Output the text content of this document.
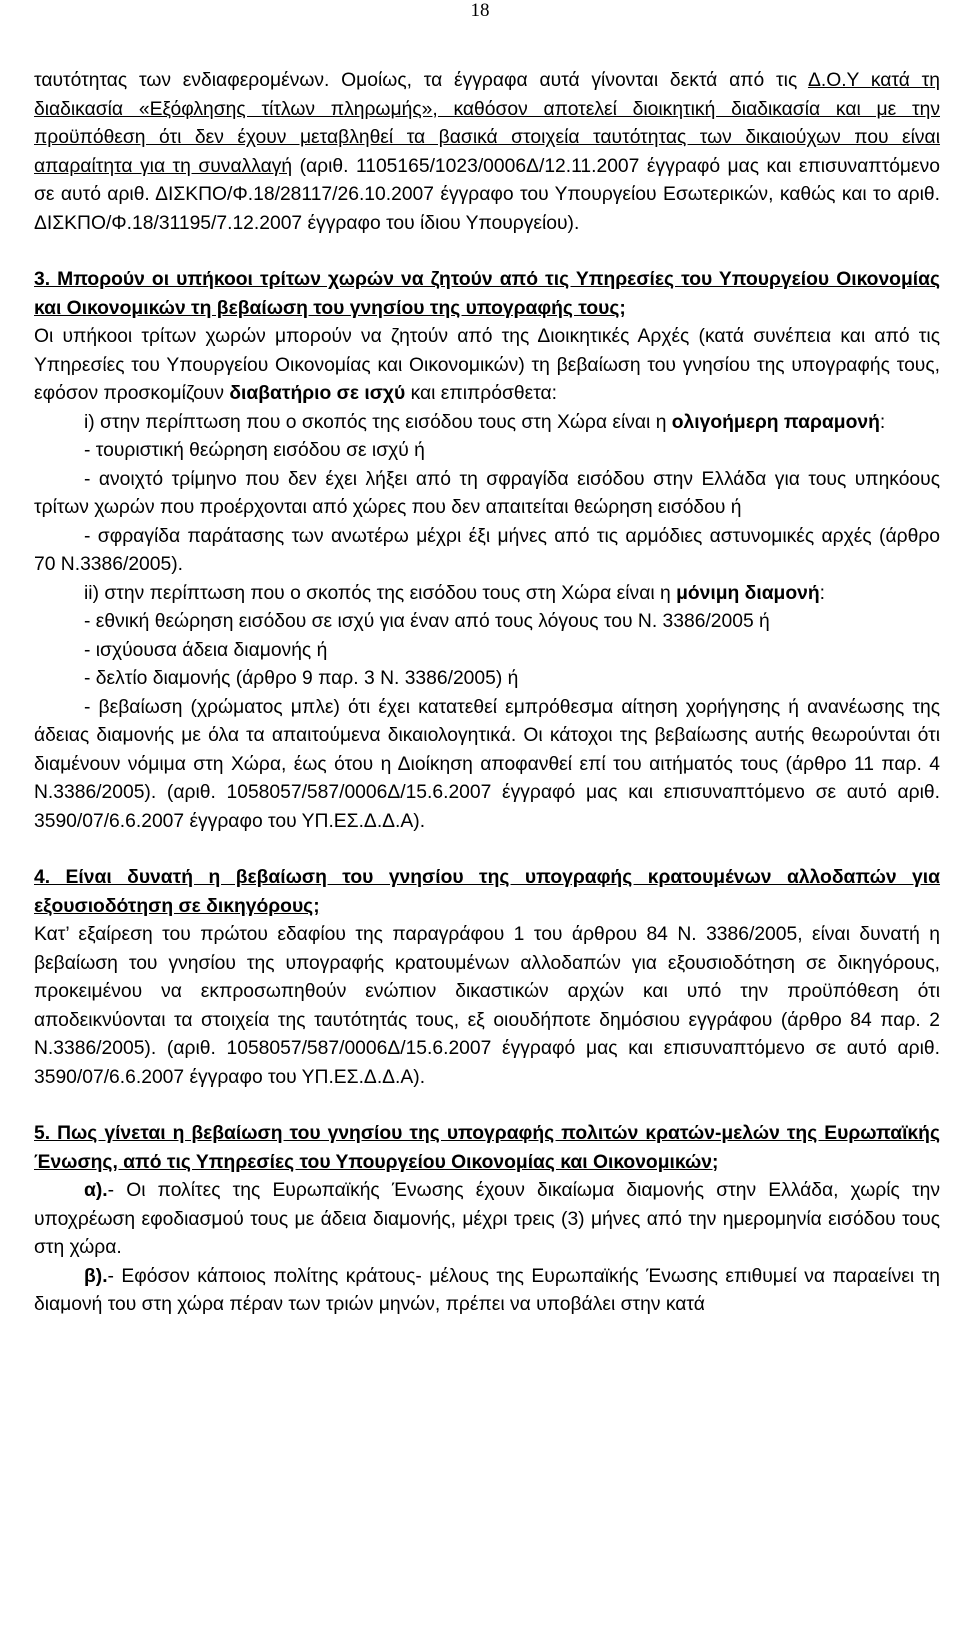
18

ταυτότητας των ενδιαφερομένων. Ομοίως, τα έγγραφα αυτά γίνονται δεκτά από τις Δ.Ο.Υ κατά τη διαδικασία «Εξόφλησης τίτλων πληρωμής», καθόσον αποτελεί διοικητική διαδικασία και με την προϋπόθεση ότι δεν έχουν μεταβληθεί τα βασικά στοιχεία ταυτότητας των δικαιούχων που είναι απαραίτητα για τη συναλλαγή (αριθ. 1105165/1023/0006Δ/12.11.2007 έγγραφό μας και επισυναπτόμενο σε αυτό αριθ. ΔΙΣΚΠΟ/Φ.18/28117/26.10.2007 έγγραφο του Υπουργείου Εσωτερικών, καθώς και το αριθ. ΔΙΣΚΠΟ/Φ.18/31195/7.12.2007 έγγραφο του ίδιου Υπουργείου).

3. Μπορούν οι υπήκοοι τρίτων χωρών να ζητούν από τις Υπηρεσίες του Υπουργείου Οικονομίας και Οικονομικών τη βεβαίωση του γνησίου της υπογραφής τους;

Οι υπήκοοι τρίτων χωρών μπορούν να ζητούν από της Διοικητικές Αρχές (κατά συνέπεια και από τις Υπηρεσίες του Υπουργείου Οικονομίας και Οικονομικών) τη βεβαίωση του γνησίου της υπογραφής τους, εφόσον προσκομίζουν διαβατήριο σε ισχύ και επιπρόσθετα:

i) στην περίπτωση που ο σκοπός της εισόδου τους στη Χώρα είναι η ολιγοήμερη παραμονή:

- τουριστική θεώρηση εισόδου σε ισχύ ή

- ανοιχτό τρίμηνο που δεν έχει λήξει από τη σφραγίδα εισόδου στην Ελλάδα για τους υπηκόους τρίτων χωρών που προέρχονται από χώρες που δεν απαιτείται θεώρηση εισόδου ή

- σφραγίδα παράτασης των ανωτέρω μέχρι έξι μήνες από τις αρμόδιες αστυνομικές αρχές (άρθρο 70 Ν.3386/2005).

ii) στην περίπτωση που ο σκοπός της εισόδου τους στη Χώρα είναι η μόνιμη διαμονή:

- εθνική θεώρηση εισόδου σε ισχύ για έναν από τους λόγους του Ν. 3386/2005 ή

- ισχύουσα άδεια διαμονής ή

- δελτίο διαμονής (άρθρο 9 παρ. 3 Ν. 3386/2005) ή

- βεβαίωση (χρώματος μπλε) ότι έχει κατατεθεί εμπρόθεσμα αίτηση χορήγησης ή ανανέωσης της άδειας διαμονής με όλα τα απαιτούμενα δικαιολογητικά. Οι κάτοχοι της βεβαίωσης αυτής θεωρούνται ότι διαμένουν νόμιμα στη Χώρα, έως ότου η Διοίκηση αποφανθεί επί του αιτήματός τους (άρθρο 11 παρ. 4 Ν.3386/2005). (αριθ. 1058057/587/0006Δ/15.6.2007 έγγραφό μας και επισυναπτόμενο σε αυτό αριθ. 3590/07/6.6.2007 έγγραφο του ΥΠ.ΕΣ.Δ.Δ.Α).

4. Είναι δυνατή η βεβαίωση του γνησίου της υπογραφής κρατουμένων αλλοδαπών για εξουσιοδότηση σε δικηγόρους;

Κατ’ εξαίρεση του πρώτου εδαφίου της παραγράφου 1 του άρθρου 84 Ν. 3386/2005, είναι δυνατή η βεβαίωση του γνησίου της υπογραφής κρατουμένων αλλοδαπών για εξουσιοδότηση σε δικηγόρους, προκειμένου να εκπροσωπηθούν ενώπιον δικαστικών αρχών και υπό την προϋπόθεση ότι αποδεικνύονται τα στοιχεία της ταυτότητάς τους, εξ οιουδήποτε δημόσιου εγγράφου (άρθρο 84 παρ. 2 Ν.3386/2005). (αριθ. 1058057/587/0006Δ/15.6.2007 έγγραφό μας και επισυναπτόμενο σε αυτό αριθ. 3590/07/6.6.2007 έγγραφο του ΥΠ.ΕΣ.Δ.Δ.Α).

5. Πως γίνεται η βεβαίωση του γνησίου της υπογραφής πολιτών κρατών-μελών της Ευρωπαϊκής Ένωσης, από τις Υπηρεσίες του Υπουργείου Οικονομίας και Οικονομικών;

α).- Οι πολίτες της Ευρωπαϊκής Ένωσης έχουν δικαίωμα διαμονής στην Ελλάδα, χωρίς την υποχρέωση εφοδιασμού τους με άδεια διαμονής, μέχρι τρεις (3) μήνες από την ημερομηνία εισόδου τους στη χώρα.

β).- Εφόσον κάποιος πολίτης κράτους- μέλους της Ευρωπαϊκής Ένωσης επιθυμεί να παραείνει τη διαμονή του στη χώρα πέραν των τριών μηνών, πρέπει να υποβάλει στην κατά
